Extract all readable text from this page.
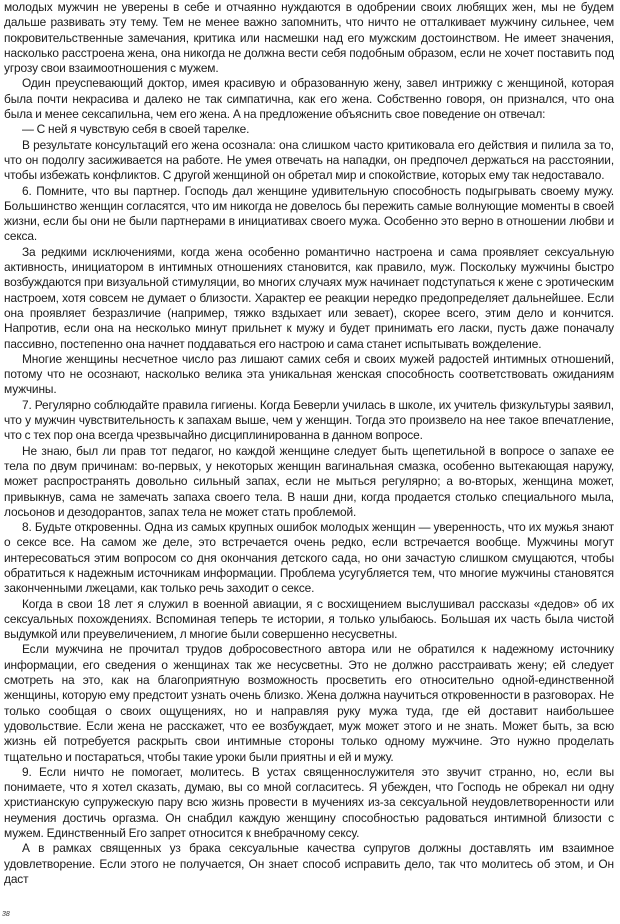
молодых мужчин не уверены в себе и отчаянно нуждаются в одобрении своих любящих жен, мы не будем дальше развивать эту тему. Тем не менее важно запомнить, что ничто не отталкивает мужчину сильнее, чем покровительственные замечания, критика или насмешки над его мужским достоинством. Не имеет значения, насколько расстроена жена, она никогда не должна вести себя подобным образом, если не хочет поставить под угрозу свои взаимоотношения с мужем.

Один преуспевающий доктор, имея красивую и образованную жену, завел интрижку с женщиной, которая была почти некрасива и далеко не так симпатична, как его жена. Собственно говоря, он признался, что она была и менее сексапильна, чем его жена. А на предложение объяснить свое поведение он отвечал:

— С ней я чувствую себя в своей тарелке.

В результате консультаций его жена осознала: она слишком часто критиковала его действия и пилила за то, что он подолгу засиживается на работе. Не умея отвечать на нападки, он предпочел держаться на расстоянии, чтобы избежать конфликтов. С другой женщиной он обретал мир и спокойствие, которых ему так недоставало.

6. Помните, что вы партнер. Господь дал женщине удивительную способность подыгрывать своему мужу. Большинство женщин согласятся, что им никогда не довелось бы пережить самые волнующие моменты в своей жизни, если бы они не были партнерами в инициативах своего мужа. Особенно это верно в отношении любви и секса.

За редкими исключениями, когда жена особенно романтично настроена и сама проявляет сексуальную активность, инициатором в интимных отношениях становится, как правило, муж. Поскольку мужчины быстро возбуждаются при визуальной стимуляции, во многих случаях муж начинает подступаться к жене с эротическим настроем, хотя совсем не думает о близости. Характер ее реакции нередко предопределяет дальнейшее. Если она проявляет безразличие (например, тяжко вздыхает или зевает), скорее всего, этим дело и кончится. Напротив, если она на несколько минут прильнет к мужу и будет принимать его ласки, пусть даже поначалу пассивно, постепенно она начнет поддаваться его настрою и сама станет испытывать вожделение.

Многие женщины несчетное число раз лишают самих себя и своих мужей радостей интимных отношений, потому что не осознают, насколько велика эта уникальная женская способность соответствовать ожиданиям мужчины.

7. Регулярно соблюдайте правила гигиены. Когда Беверли училась в школе, их учитель физкультуры заявил, что у мужчин чувствительность к запахам выше, чем у женщин. Тогда это произвело на нее такое впечатление, что с тех пор она всегда чрезвычайно дисциплинированна в данном вопросе.

Не знаю, был ли прав тот педагог, но каждой женщине следует быть щепетильной в вопросе о запахе ее тела по двум причинам: во-первых, у некоторых женщин вагинальная смазка, особенно вытекающая наружу, может распространять довольно сильный запах, если не мыться регулярно; а во-вторых, женщина может, привыкнув, сама не замечать запаха своего тела. В наши дни, когда продается столько специального мыла, лосьонов и дезодорантов, запах тела не может стать проблемой.

8. Будьте откровенны. Одна из самых крупных ошибок молодых женщин — уверенность, что их мужья знают о сексе все. На самом же деле, это встречается очень редко, если встречается вообще. Мужчины могут интересоваться этим вопросом со дня окончания детского сада, но они зачастую слишком смущаются, чтобы обратиться к надежным источникам информации. Проблема усугубляется тем, что многие мужчины становятся законченными лжецами, как только речь заходит о сексе.

Когда в свои 18 лет я служил в военной авиации, я с восхищением выслушивал рассказы «дедов» об их сексуальных похождениях. Вспоминая теперь те истории, я только улыбаюсь. Большая их часть была чистой выдумкой или преувеличением, л многие были совершенно несусветны.

Если мужчина не прочитал трудов добросовестного автора или не обратился к надежному источнику информации, его сведения о женщинах так же несусветны. Это не должно расстраивать жену; ей следует смотреть на это, как на благоприятную возможность просветить его относительно одной-единственной женщины, которую ему предстоит узнать очень близко. Жена должна научиться откровенности в разговорах. Не только сообщая о своих ощущениях, но и направляя руку мужа туда, где ей доставит наибольшее удовольствие. Если жена не расскажет, что ее возбуждает, муж может этого и не знать. Может быть, за всю жизнь ей потребуется раскрыть свои интимные стороны только одному мужчине. Это нужно проделать тщательно и постараться, чтобы такие уроки были приятны и ей и мужу.

9. Если ничто не помогает, молитесь. В устах священнослужителя это звучит странно, но, если вы понимаете, что я хотел сказать, думаю, вы со мной согласитесь. Я убежден, что Господь не обрекал ни одну христианскую супружескую пару всю жизнь провести в мучениях из-за сексуальной неудовлетворенности или неумения достичь оргазма. Он снабдил каждую женщину способностью радоваться интимной близости с мужем. Единственный Его запрет относится к внебрачному сексу.

А в рамках священных уз брака сексуальные качества супругов должны доставлять им взаимное удовлетворение. Если этого не получается, Он знает способ исправить дело, так что молитесь об этом, и Он даст

38
